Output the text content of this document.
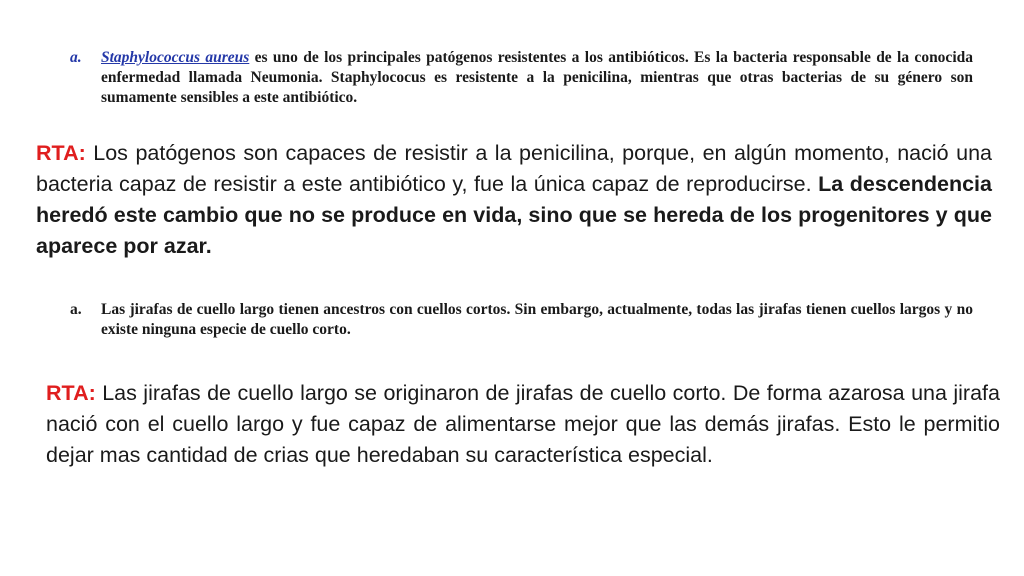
a.	Staphylococcus aureus es uno de los principales patógenos resistentes a los antibióticos. Es la bacteria responsable de la conocida enfermedad llamada Neumonia. Staphylococus es resistente a la penicilina, mientras que otras bacterias de su género son sumamente sensibles a este antibiótico.
RTA: Los patógenos son capaces de resistir a la penicilina, porque, en algún momento, nació una bacteria capaz de resistir a este antibiótico y, fue la única capaz de reproducirse. La descendencia heredó este cambio que no se produce en vida, sino que se hereda de los progenitores y que aparece por azar.
a.	Las jirafas de cuello largo tienen ancestros con cuellos cortos. Sin embargo, actualmente, todas las jirafas tienen cuellos largos y no existe ninguna especie de cuello corto.
RTA: Las jirafas de cuello largo se originaron de jirafas de cuello corto. De forma azarosa una jirafa nació con el cuello largo y fue capaz de alimentarse mejor que las demás jirafas. Esto le permitio dejar mas cantidad de crias que heredaban su característica especial.
